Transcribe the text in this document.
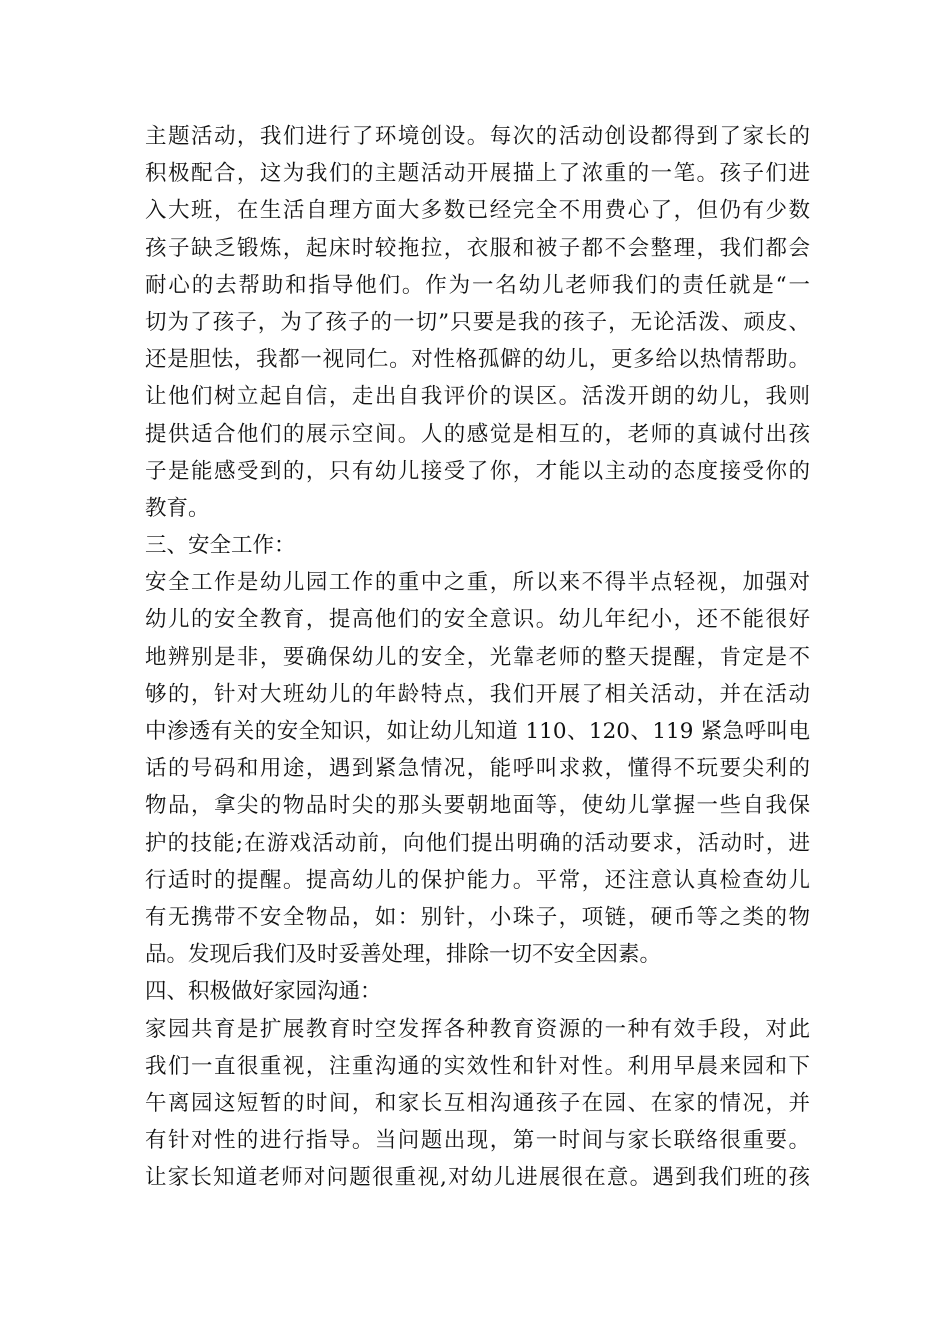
主题活动，我们进行了环境创设。每次的活动创设都得到了家长的
积极配合，这为我们的主题活动开展描上了浓重的一笔。孩子们进
入大班，在生活自理方面大多数已经完全不用费心了，但仍有少数
孩子缺乏锻炼，起床时较拖拉，衣服和被子都不会整理，我们都会
耐心的去帮助和指导他们。作为一名幼儿老师我们的责任就是“一
切为了孩子，为了孩子的一切”只要是我的孩子，无论活泼、顽皮、
还是胆怯，我都一视同仁。对性格孤僻的幼儿，更多给以热情帮助。
让他们树立起自信，走出自我评价的误区。活泼开朗的幼儿，我则
提供适合他们的展示空间。人的感觉是相互的，老师的真诚付出孩
子是能感受到的，只有幼儿接受了你，才能以主动的态度接受你的
教育。
三、安全工作：
安全工作是幼儿园工作的重中之重，所以来不得半点轻视，加强对
幼儿的安全教育，提高他们的安全意识。幼儿年纪小，还不能很好
地辨别是非，要确保幼儿的安全，光靠老师的整天提醒，肯定是不
够的，针对大班幼儿的年龄特点，我们开展了相关活动，并在活动
中渗透有关的安全知识，如让幼儿知道 110、120、119 紧急呼叫电
话的号码和用途，遇到紧急情况，能呼叫求救，懂得不玩要尖利的
物品，拿尖的物品时尖的那头要朝地面等，使幼儿掌握一些自我保
护的技能;在游戏活动前，向他们提出明确的活动要求，活动时，进
行适时的提醒。提高幼儿的保护能力。平常，还注意认真检查幼儿
有无携带不安全物品，如：别针，小珠子，项链，硬币等之类的物
品。发现后我们及时妥善处理，排除一切不安全因素。
四、积极做好家园沟通：
家园共育是扩展教育时空发挥各种教育资源的一种有效手段，对此
我们一直很重视，注重沟通的实效性和针对性。利用早晨来园和下
午离园这短暂的时间，和家长互相沟通孩子在园、在家的情况，并
有针对性的进行指导。当问题出现，第一时间与家长联络很重要。
让家长知道老师对问题很重视,对幼儿进展很在意。遇到我们班的孩
